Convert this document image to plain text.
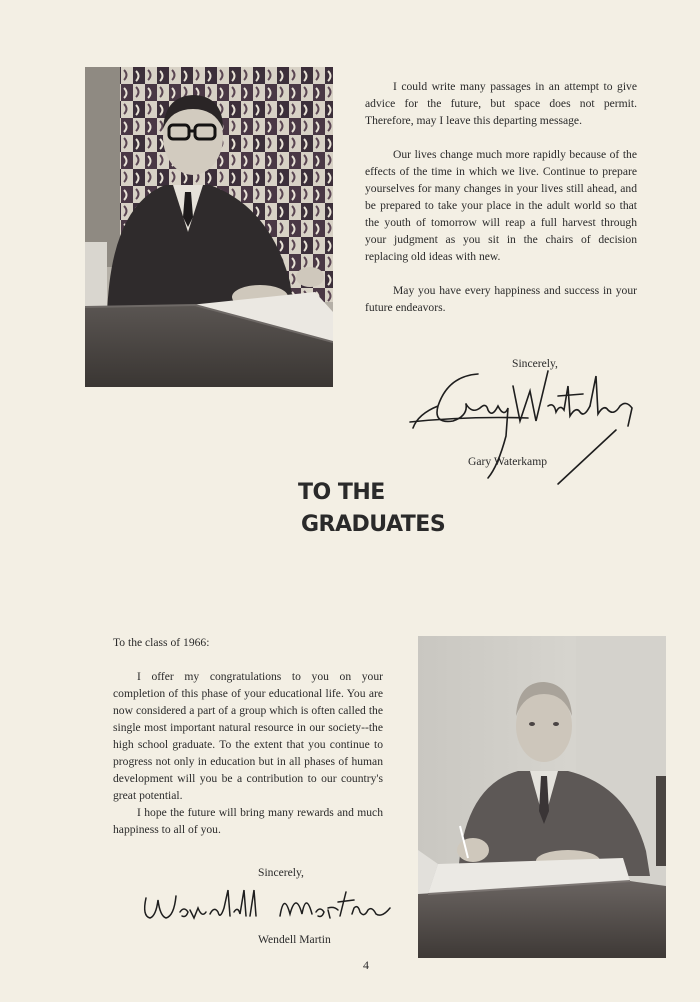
I could write many passages in an attempt to give advice for the future, but space does not permit. Therefore, may I leave this departing message.

Our lives change much more rapidly because of the effects of the time in which we live. Continue to prepare yourselves for many changes in your lives still ahead, and be prepared to take your place in the adult world so that the youth of tomorrow will reap a full harvest through your judgment as you sit in the chairs of decision replacing old ideas with new.

May you have every happiness and success in your future endeavors.

Sincerely,
Gary Waterkamp
TO THE
GRADUATES

To the class of 1966:

I offer my congratulations to you on your completion of this phase of your educational life. You are now considered a part of a group which is often called the single most important natural resource in our society--the high school graduate. To the extent that you continue to progress not only in education but in all phases of human development will you be a contribution to our country's great potential.

I hope the future will bring many rewards and much happiness to all of you.

Sincerely,
Wendell Martin
4
